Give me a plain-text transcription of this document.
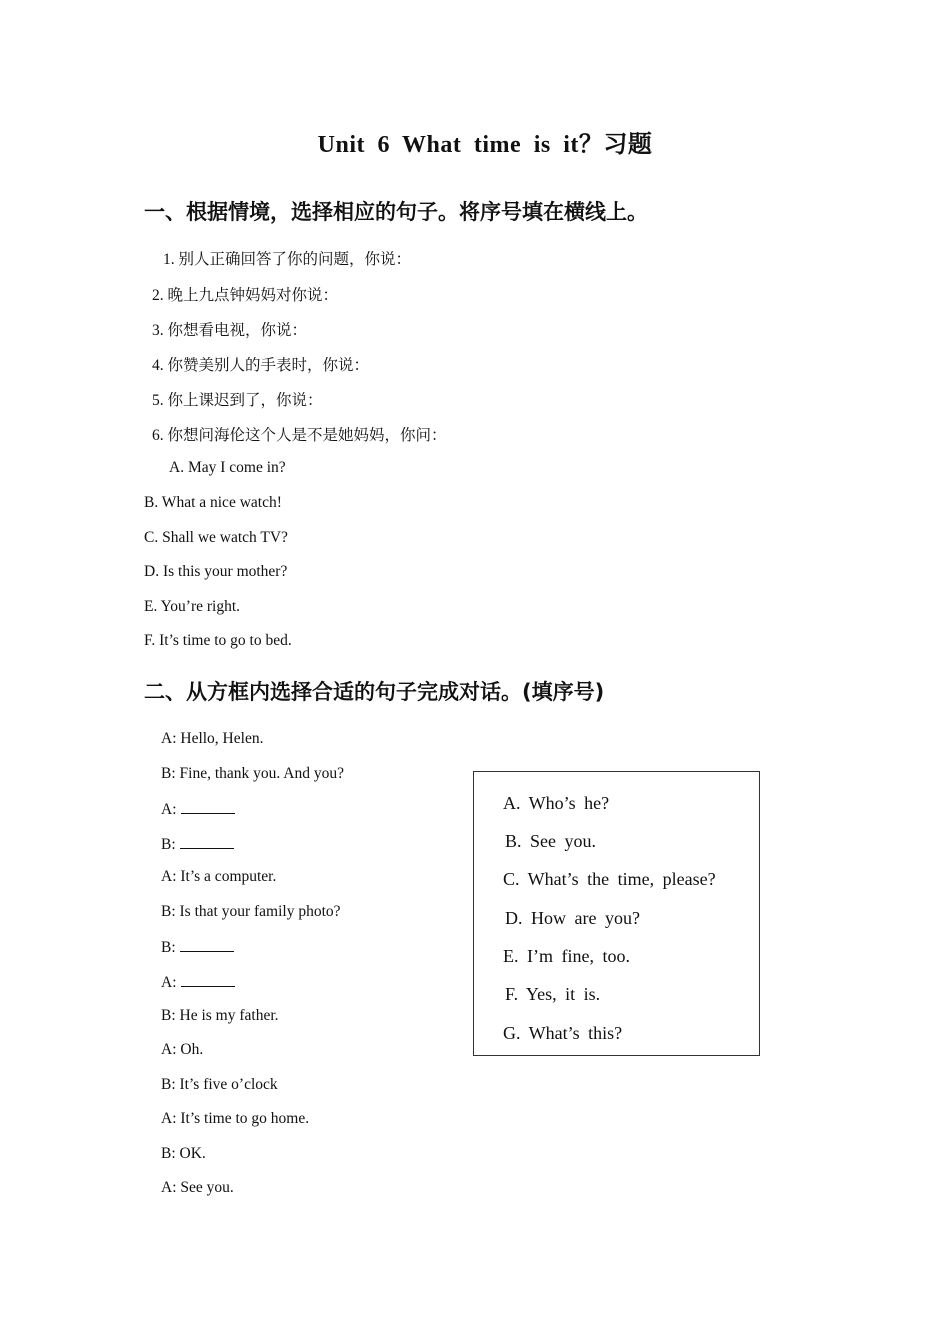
Unit 6 What time is it？习题
一、根据情境，选择相应的句子。将序号填在横线上。
1. 别人正确回答了你的问题，你说：
2. 晚上九点钟妈妈对你说：
3. 你想看电视，你说：
4. 你赞美别人的手表时，你说：
5. 你上课迟到了，你说：
6. 你想问海伦这个人是不是她妈妈，你问：
A. May I come in?
B. What a nice watch!
C. Shall we watch TV?
D. Is this your mother?
E. You’re right.
F. It’s time to go to bed.
二、从方框内选择合适的句子完成对话。(填序号)
A: Hello, Helen.
B: Fine, thank you. And you?
A:
B:
A: It’s a computer.
B: Is that your family photo?
B:
A:
B: He is my father.
A: Oh.
B: It’s five o’clock
A: It’s time to go home.
B: OK.
A: See you.
A. Who’s he?
B. See you.
C. What’s the time, please?
D. How are you?
E. I’m fine, too.
F. Yes, it is.
G. What’s this?
